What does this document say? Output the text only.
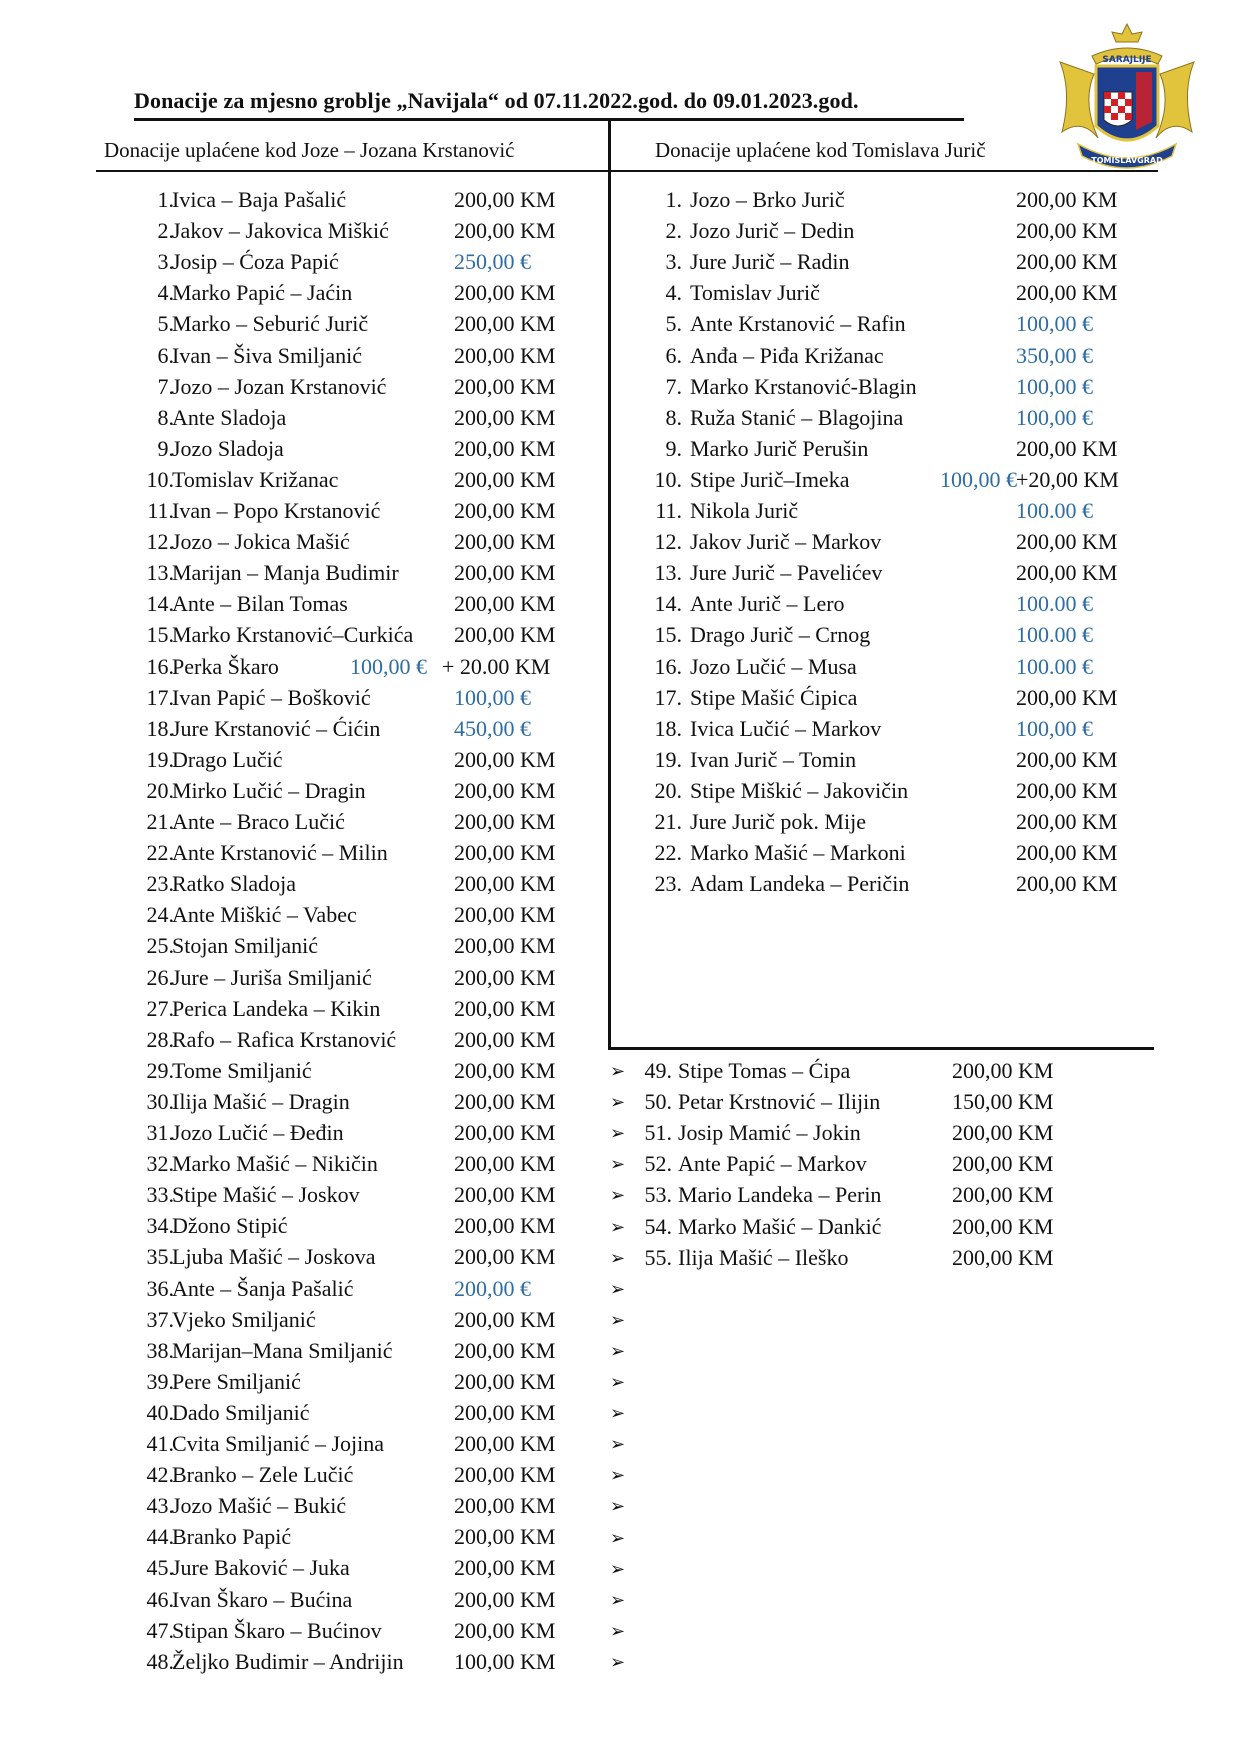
Donacije za mjesno groblje „Navijala“ od 07.11.2022.god. do 09.01.2023.god.
SARAJLIJE
TOMISLAVGRAD
Donacije uplaćene kod Joze – Jozana Krstanović	Donacije uplaćene kod Tomislava Jurič
1.
Ivica – Baja Pašalić	200,00 KM
2.
Jakov – Jakovica Miškić	200,00 KM
3.
Josip – Ćoza Papić	250,00 €
4.
Marko Papić – Jaćin	200,00 KM
5.
Marko – Seburić Jurič	200,00 KM
6.
Ivan – Šiva Smiljanić	200,00 KM
7.
Jozo – Jozan Krstanović	200,00 KM
8.
Ante Sladoja	200,00 KM
9.
Jozo Sladoja	200,00 KM
10.
Tomislav Križanac	200,00 KM
11.
Ivan – Popo Krstanović	200,00 KM
12.
Jozo – Jokica Mašić	200,00 KM
13.
Marijan – Manja Budimir	200,00 KM
14.
Ante – Bilan Tomas	200,00 KM
15.
Marko Krstanović–Curkića 200,00 KM
16.
Perka Škaro	100,00 € + 20.00 KM
17.
Ivan Papić – Bošković	100,00 €
18.
Jure Krstanović – Ćićin	450,00 €
19.
Drago Lučić	200,00 KM
20.
Mirko Lučić – Dragin	200,00 KM
21.
Ante – Braco Lučić	200,00 KM
22.
Ante Krstanović – Milin	200,00 KM
23.
Ratko Sladoja	200,00 KM
24.
Ante Miškić – Vabec	200,00 KM
25.
Stojan Smiljanić	200,00 KM
26.
Jure – Juriša Smiljanić	200,00 KM
27.
Perica Landeka – Kikin	200,00 KM
28.
Rafo – Rafica Krstanović	200,00 KM
29.
Tome Smiljanić	200,00 KM
30.
Ilija Mašić – Dragin	200,00 KM
31.
Jozo Lučić – Đeđin	200,00 KM
32.
Marko Mašić – Nikičin	200,00 KM
33.
Stipe Mašić – Joskov	200,00 KM
34.
Džono Stipić	200,00 KM
35.
Ljuba Mašić – Joskova	200,00 KM
36.
Ante – Šanja Pašalić	200,00 €
37.
Vjeko Smiljanić	200,00 KM
38.
Marijan–Mana Smiljanić	200,00 KM
39.
Pere Smiljanić	200,00 KM
40.
Dado Smiljanić	200,00 KM
41.
Cvita Smiljanić – Jojina	200,00 KM
42.
Branko – Zele Lučić	200,00 KM
43.
Jozo Mašić – Bukić	200,00 KM
44.
Branko Papić	200,00 KM
45.
Jure Baković – Juka	200,00 KM
46.
Ivan Škaro – Bućina	200,00 KM
47.
Stipan Škaro – Bućinov	200,00 KM
48.
Željko Budimir – Andrijin 100,00 KM
1. Jozo – Brko Jurič	200,00 KM
2. Jozo Jurič – Dedin	200,00 KM
3. Jure Jurič – Radin	200,00 KM
4. Tomislav Jurič	200,00 KM
5. Ante Krstanović – Rafin	100,00 €
6. Anđa – Piđa Križanac	350,00 €
7. Marko Krstanović-Blagin	100,00 €
8. Ruža Stanić – Blagojina	100,00 €
9. Marko Jurič Perušin	200,00 KM
10. Stipe Jurič–Imeka	100,00 € +20,00 KM
11. Nikola Jurič	100.00 €
12. Jakov Jurič – Markov	200,00 KM
13. Jure Jurič – Pavelićev	200,00 KM
14. Ante Jurič – Lero	100.00 €
15. Drago Jurič – Crnog	100.00 €
16. Jozo Lučić – Musa	100.00 €
17. Stipe Mašić Ćipica	200,00 KM
18. Ivica Lučić – Markov	100,00 €
19. Ivan Jurič – Tomin	200,00 KM
20. Stipe Miškić – Jakovičin	200,00 KM
21. Jure Jurič pok. Mije	200,00 KM
22. Marko Mašić – Markoni	200,00 KM
23. Adam Landeka – Peričin	200,00 KM
➢ 49. Stipe Tomas – Ćipa	200,00 KM
➢ 50. Petar Krstnović – Ilijin	150,00 KM
➢ 51. Josip Mamić – Jokin	200,00 KM
➢ 52. Ante Papić – Markov	200,00 KM
➢ 53. Mario Landeka – Perin	200,00 KM
➢ 54. Marko Mašić – Dankić	200,00 KM
➢ 55. Ilija Mašić – Ileško	200,00 KM
➢
➢
➢
➢
➢
➢
➢
➢
➢
➢
➢
➢
➢
